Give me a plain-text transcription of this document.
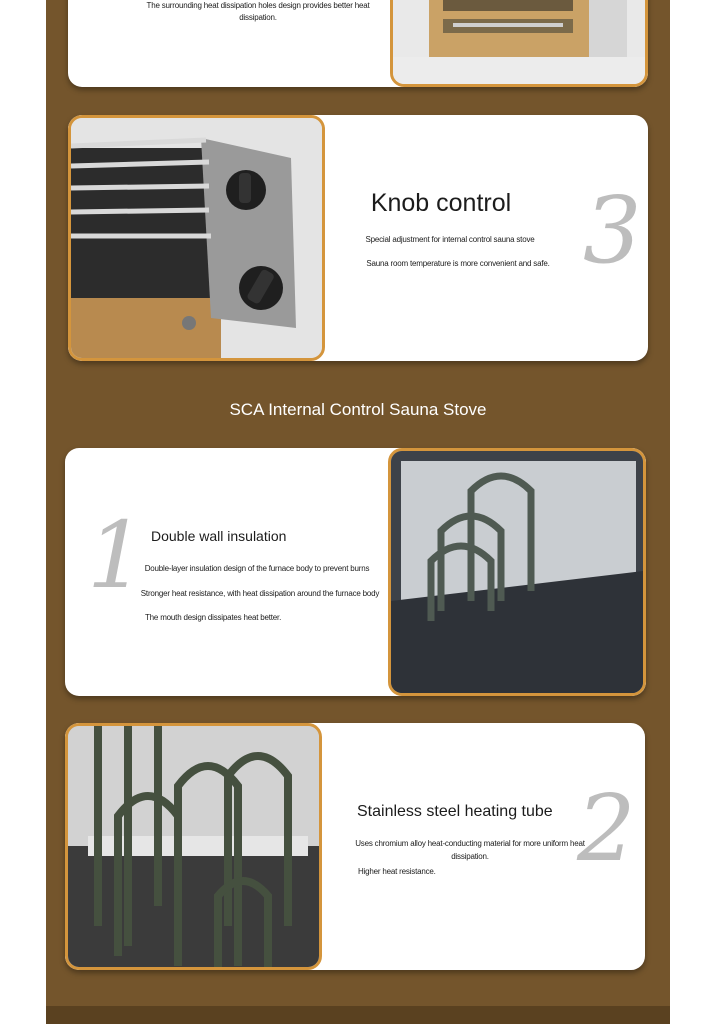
The surrounding heat dissipation holes design provides better heat dissipation.
Knob control
Special adjustment for internal control sauna stove
Sauna room temperature is more convenient and safe. 3
SCA Internal Control Sauna Stove
1 Double wall insulation
Double-layer insulation design of the furnace body to prevent burns
Stronger heat resistance, with heat dissipation around the furnace body
The mouth design dissipates heat better.
Stainless steel heating tube
Uses chromium alloy heat-conducting material for more uniform heat dissipation.
Higher heat resistance.	2
